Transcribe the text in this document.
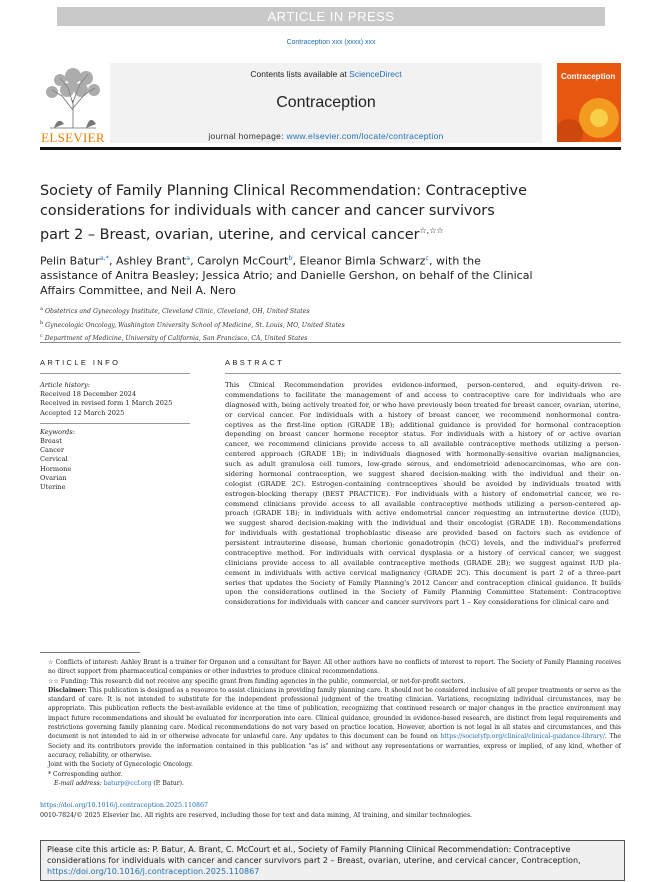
ARTICLE IN PRESS
Contraception xxx (xxxx) xxx
ELSEVIER
Contents lists available at ScienceDirect
Contraception
journal homepage: www.elsevier.com/locate/contraception
Contraception
Society of Family Planning Clinical Recommendation: Contraceptive
considerations for individuals with cancer and cancer survivors
part 2 – Breast, ovarian, uterine, and cervical cancer☆,☆☆
Pelin Batur$^{a,*}$, Ashley Brant$^a$, Carolyn McCourt$^b$, Eleanor Bimla Schwarz$^c$, with the
assistance of Anitra Beasley; Jessica Atrio; and Danielle Gershon, on behalf of the Clinical
Affairs Committee, and Neil A. Nero
$^a$ Obstetrics and Gynecology Institute, Cleveland Clinic, Cleveland, OH, United States
$^b$ Gynecologic Oncology, Washington University School of Medicine, St. Louis, MO, United States
$^c$ Department of Medicine, University of California, San Francisco, CA, United States
ARTICLE INFO	ABSTRACT
Article history:
Received 18 December 2024
Received in revised form 1 March 2025
Accepted 12 March 2025
Keywords:
Breast
Cancer
Cervical
Hormone
Ovarian
Uterine
This Clinical Recommendation provides evidence-informed, person-centered, and equity-driven re-
commendations to facilitate the management of and access to contraceptive care for individuals who are
diagnosed with, being actively treated for, or who have previously been treated for breast cancer, ovarian, uterine,
or cervical cancer. For individuals with a history of breast cancer, we recommend nonhormonal contra-
ceptives as the first-line option (GRADE 1B); additional guidance is provided for hormonal contraception
depending on breast cancer hormone receptor status. For individuals with a history of or active ovarian
cancer, we recommend clinicians provide access to all available contraceptive methods utilizing a person-
centered approach (GRADE 1B); in individuals diagnosed with hormonally-sensitive ovarian malignancies,
such as adult granulosa cell tumors, low-grade serous, and endometrioid adenocarcinomas, who are con-
sidering hormonal contraception, we suggest shared decision-making with the individual and their on-
cologist (GRADE 2C). Estrogen-containing contraceptives should be avoided by individuals treated with
estrogen-blocking therapy (BEST PRACTICE). For individuals with a history of endometrial cancer, we re-
commend clinicians provide access to all available contraceptive methods utilizing a person-centered ap-
proach (GRADE 1B); in individuals with active endometrial cancer requesting an intrauterine device (IUD),
we suggest shared decision-making with the individual and their oncologist (GRADE 1B). Recommendations
for individuals with gestational trophoblastic disease are provided based on factors such as evidence of
persistent intrauterine disease, human chorionic gonadotropin (hCG) levels, and the individual's preferred
contraceptive method. For individuals with cervical dysplasia or a history of cervical cancer, we suggest
clinicians provide access to all available contraceptive methods (GRADE 2B); we suggest against IUD pla-
cement in individuals with active cervical malignancy (GRADE 2C). This document is part 2 of a three-part
series that updates the Society of Family Planning's 2012 Cancer and contraception clinical guidance. It builds
upon the considerations outlined in the Society of Family Planning Committee Statement: Contraceptive
considerations for individuals with cancer and cancer survivors part 1 – Key considerations for clinical care and

☆ Conflicts of interest: Ashley Brant is a trainer for Organon and a consultant for Bayer. All other authors have no conflicts of interest to report. The Society of Family Planning receives no direct support from pharmaceutical companies or other industries to produce clinical recommendations.

☆☆ Funding: This research did not receive any specific grant from funding agencies in the public, commercial, or not-for-profit sectors.

Disclaimer: This publication is designed as a resource to assist clinicians in providing family planning care. It should not be considered inclusive of all proper treatments or serve as the standard of care. It is not intended to substitute for the independent professional judgment of the treating clinician. Variations, recognizing individual circumstances, may be appropriate. This publication reflects the best-available evidence at the time of publication, recognizing that continued research or major changes in the practice environment may impact future recommendations and should be evaluated for incorporation into care. Clinical guidance, grounded in evidence-based research, are distinct from legal requirements and restrictions governing family planning care. Medical recommendations do not vary based on practice location. However, abortion is not legal in all states and circumstances, and this document is not intended to aid in or otherwise advocate for unlawful care. Any updates to this document can be found on https://societyfp.org/clinical/clinical-guidance-library/. The Society and its contributors provide the information contained in this publication "as is" and without any representations or warranties, express or implied, of any kind, whether of accuracy, reliability, or otherwise.

Joint with the Society of Gynecologic Oncology.

* Corresponding author.

E-mail address: baturp@ccf.org (P. Batur).

https://doi.org/10.1016/j.contraception.2025.110867
0010-7824/© 2025 Elsevier Inc. All rights are reserved, including those for text and data mining, AI training, and similar technologies.
Please cite this article as: P. Batur, A. Brant, C. McCourt et al., Society of Family Planning Clinical Recommendation: Contraceptive considerations for individuals with cancer and cancer survivors part 2 – Breast, ovarian, uterine, and cervical cancer, Contraception, https://doi.org/10.1016/j.contraception.2025.110867
